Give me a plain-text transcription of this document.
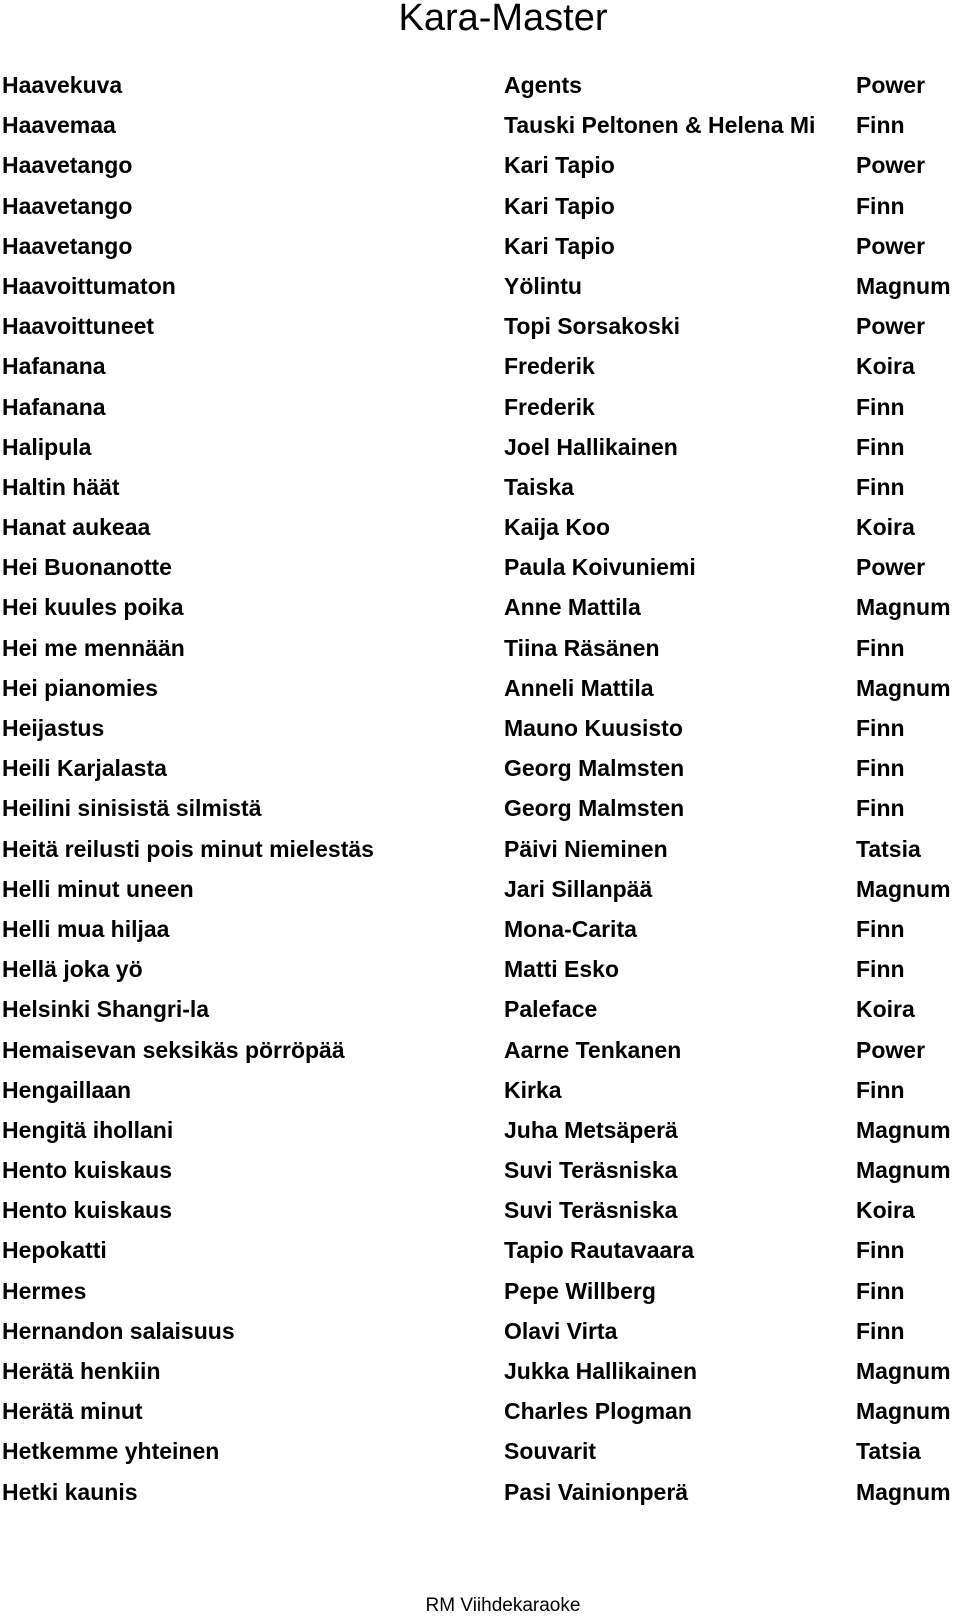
Kara-Master
Haavekuva	Agents	Power
Haavemaa	Tauski Peltonen & Helena Mi	Finn
Haavetango	Kari Tapio	Power
Haavetango	Kari Tapio	Finn
Haavetango	Kari Tapio	Power
Haavoittumaton	Yölintu	Magnum
Haavoittuneet	Topi Sorsakoski	Power
Hafanana	Frederik	Koira
Hafanana	Frederik	Finn
Halipula	Joel Hallikainen	Finn
Haltin häät	Taiska	Finn
Hanat aukeaa	Kaija Koo	Koira
Hei Buonanotte	Paula Koivuniemi	Power
Hei kuules poika	Anne Mattila	Magnum
Hei me mennään	Tiina Räsänen	Finn
Hei pianomies	Anneli Mattila	Magnum
Heijastus	Mauno Kuusisto	Finn
Heili Karjalasta	Georg Malmsten	Finn
Heilini sinisistä silmistä	Georg Malmsten	Finn
Heitä reilusti pois minut mielestäs	Päivi Nieminen	Tatsia
Helli minut uneen	Jari Sillanpää	Magnum
Helli mua hiljaa	Mona-Carita	Finn
Hellä joka yö	Matti Esko	Finn
Helsinki Shangri-la	Paleface	Koira
Hemaisevan seksikäs pörröpää	Aarne Tenkanen	Power
Hengaillaan	Kirka	Finn
Hengitä ihollani	Juha Metsäperä	Magnum
Hento kuiskaus	Suvi Teräsniska	Magnum
Hento kuiskaus	Suvi Teräsniska	Koira
Hepokatti	Tapio Rautavaara	Finn
Hermes	Pepe Willberg	Finn
Hernandon salaisuus	Olavi Virta	Finn
Herätä henkiin	Jukka Hallikainen	Magnum
Herätä minut	Charles Plogman	Magnum
Hetkemme yhteinen	Souvarit	Tatsia
Hetki kaunis	Pasi Vainionperä	Magnum
RM Viihdekaraoke
